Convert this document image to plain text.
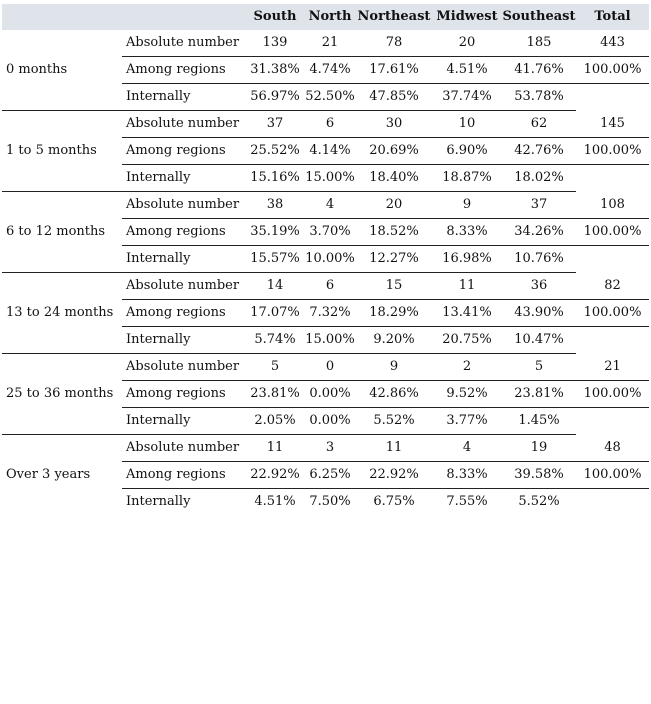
		South	North	Northeast	Midwest	Southeast	Total
0 months	Absolute number	139	21	78	20	185	443
	Among regions	31.38%	4.74%	17.61%	4.51%	41.76%	100.00%
	Internally	56.97%	52.50%	47.85%	37.74%	53.78%	
1 to 5 months	Absolute number	37	6	30	10	62	145
	Among regions	25.52%	4.14%	20.69%	6.90%	42.76%	100.00%
	Internally	15.16%	15.00%	18.40%	18.87%	18.02%	
6 to 12 months	Absolute number	38	4	20	9	37	108
	Among regions	35.19%	3.70%	18.52%	8.33%	34.26%	100.00%
	Internally	15.57%	10.00%	12.27%	16.98%	10.76%	
13 to 24 months	Absolute number	14	6	15	11	36	82
	Among regions	17.07%	7.32%	18.29%	13.41%	43.90%	100.00%
	Internally	5.74%	15.00%	9.20%	20.75%	10.47%	
25 to 36 months	Absolute number	5	0	9	2	5	21
	Among regions	23.81%	0.00%	42.86%	9.52%	23.81%	100.00%
	Internally	2.05%	0.00%	5.52%	3.77%	1.45%	
Over 3 years	Absolute number	11	3	11	4	19	48
	Among regions	22.92%	6.25%	22.92%	8.33%	39.58%	100.00%
	Internally	4.51%	7.50%	6.75%	7.55%	5.52%	
